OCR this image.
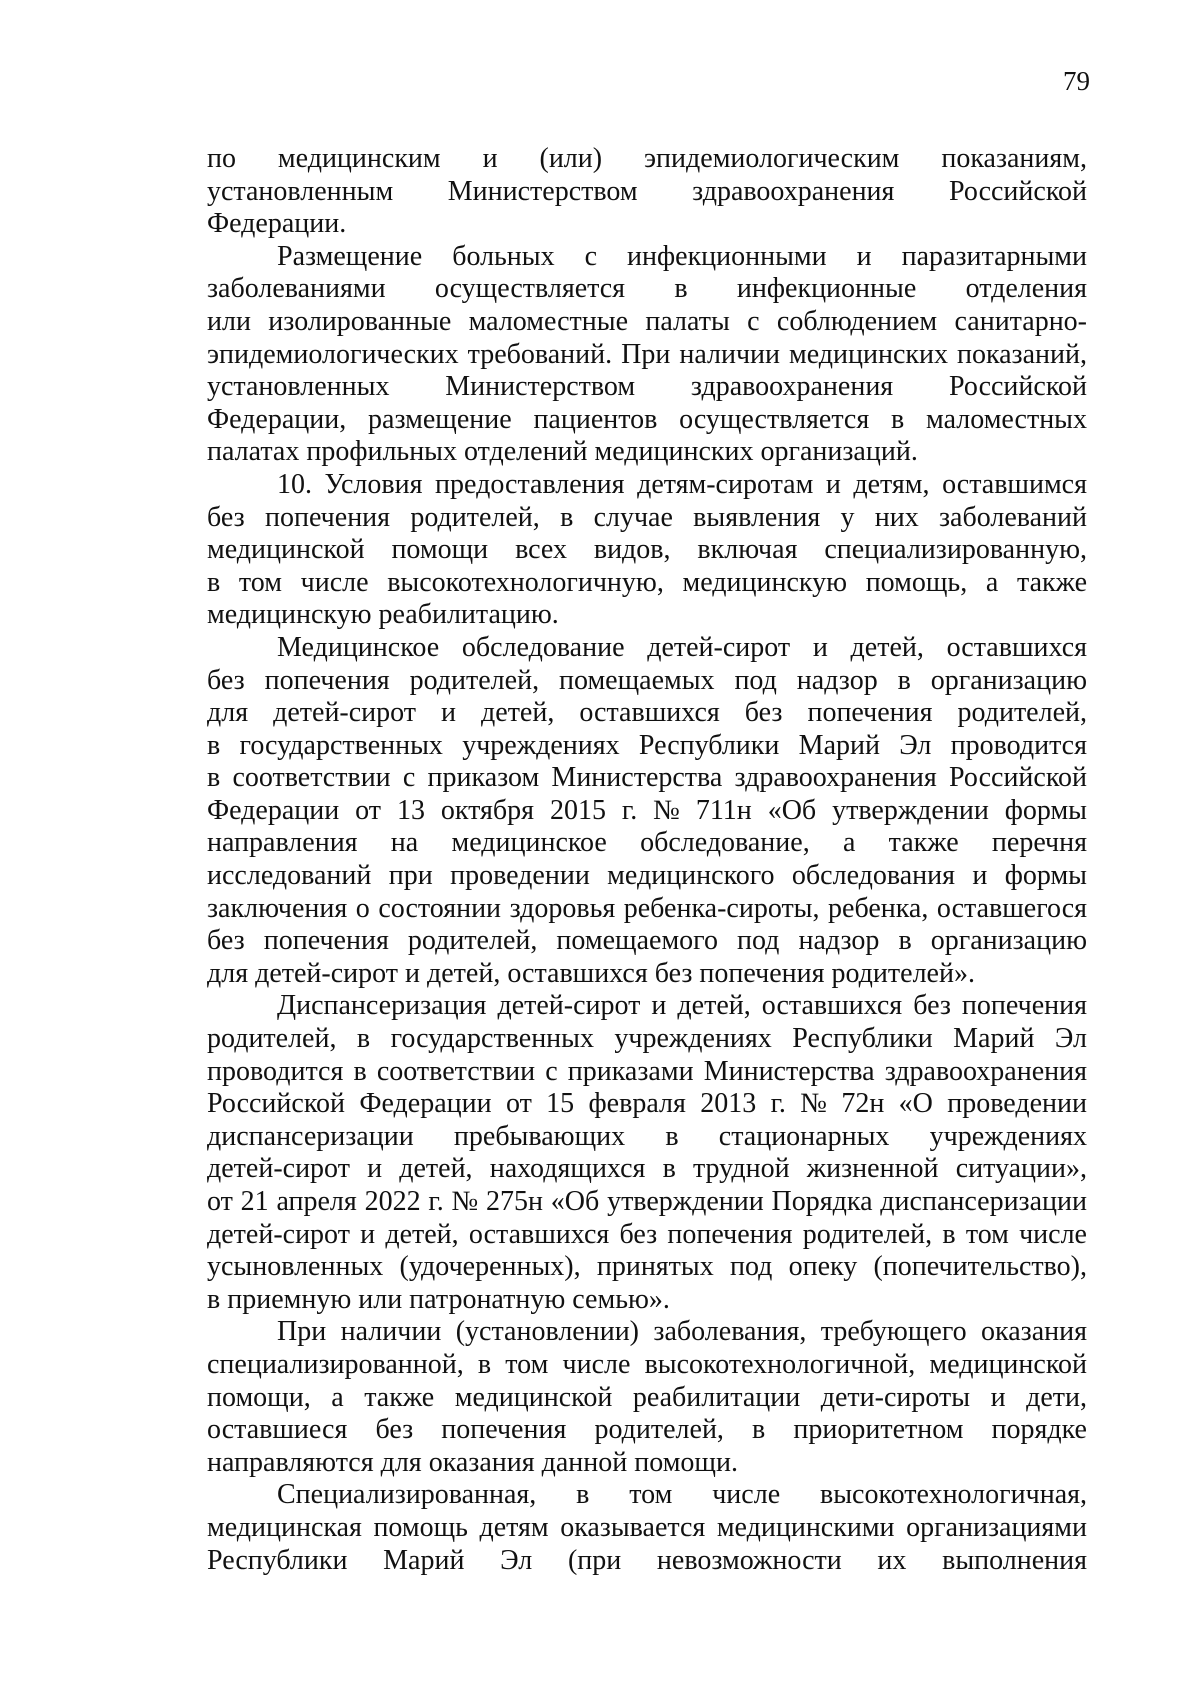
79

по медицинским и (или) эпидемиологическим показаниям,
установленным Министерством здравоохранения Российской
Федерации.

Размещение больных с инфекционными и паразитарными
заболеваниями осуществляется в инфекционные отделения
или изолированные маломестные палаты с соблюдением санитарно-
эпидемиологических требований. При наличии медицинских показаний,
установленных Министерством здравоохранения Российской
Федерации, размещение пациентов осуществляется в маломестных
палатах профильных отделений медицинских организаций.

10. Условия предоставления детям-сиротам и детям, оставшимся
без попечения родителей, в случае выявления у них заболеваний
медицинской помощи всех видов, включая специализированную,
в том числе высокотехнологичную, медицинскую помощь, а также
медицинскую реабилитацию.

Медицинское обследование детей-сирот и детей, оставшихся
без попечения родителей, помещаемых под надзор в организацию
для детей-сирот и детей, оставшихся без попечения родителей,
в государственных учреждениях Республики Марий Эл проводится
в соответствии с приказом Министерства здравоохранения Российской
Федерации от 13 октября 2015 г. № 711н «Об утверждении формы
направления на медицинское обследование, а также перечня
исследований при проведении медицинского обследования и формы
заключения о состоянии здоровья ребенка-сироты, ребенка, оставшегося
без попечения родителей, помещаемого под надзор в организацию
для детей-сирот и детей, оставшихся без попечения родителей».

Диспансеризация детей-сирот и детей, оставшихся без попечения
родителей, в государственных учреждениях Республики Марий Эл
проводится в соответствии с приказами Министерства здравоохранения
Российской Федерации от 15 февраля 2013 г. № 72н «О проведении
диспансеризации пребывающих в стационарных учреждениях
детей-сирот и детей, находящихся в трудной жизненной ситуации»,
от 21 апреля 2022 г. № 275н «Об утверждении Порядка диспансеризации
детей-сирот и детей, оставшихся без попечения родителей, в том числе
усыновленных (удочеренных), принятых под опеку (попечительство),
в приемную или патронатную семью».

При наличии (установлении) заболевания, требующего оказания
специализированной, в том числе высокотехнологичной, медицинской
помощи, а также медицинской реабилитации дети-сироты и дети,
оставшиеся без попечения родителей, в приоритетном порядке
направляются для оказания данной помощи.

Специализированная, в том числе высокотехнологичная,
медицинская помощь детям оказывается медицинскими организациями
Республики Марий Эл (при невозможности их выполнения
